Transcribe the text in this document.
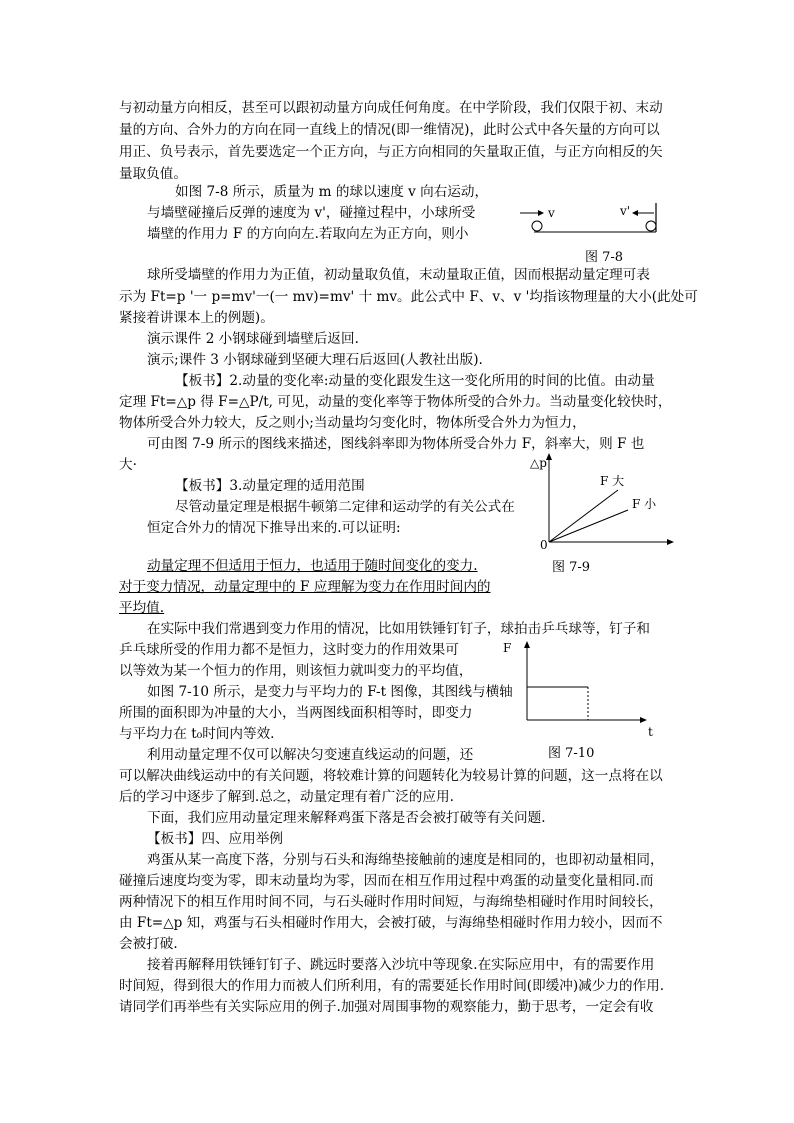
与初动量方向相反，甚至可以跟初动量方向成任何角度。在中学阶段，我们仅限于初、末动
量的方向、合外力的方向在同一直线上的情况(即一维情况)，此时公式中各矢量的方向可以
用正、负号表示，首先要选定一个正方向，与正方向相同的矢量取正值，与正方向相反的矢
量取负值。
如图 7-8 所示，质量为 m 的球以速度 v 向右运动，
与墙壁碰撞后反弹的速度为 v'，碰撞过程中，小球所受
墙壁的作用力 F 的方向向左.若取向左为正方向，则小
球所受墙壁的作用力为正值，初动量取负值，末动量取正值，因而根据动量定理可表
示为 Ft=p '一 p=mv'一(一 mv)=mv' 十 mv。此公式中 F、v、v '均指该物理量的大小(此处可
紧接着讲课本上的例题)。
演示课件 2 小钢球碰到墙壁后返回.
演示;课件 3 小钢球碰到坚硬大理石后返回(人教社出版).
【板书】2.动量的变化率:动量的变化跟发生这一变化所用的时间的比值。由动量
定理 Ft=△p 得 F=△P/t, 可见，动量的变化率等于物体所受的合外力。当动量变化较快时，
物体所受合外力较大，反之则小;当动量均匀变化时，物体所受合外力为恒力，
可由图 7-9 所示的图线来描述，图线斜率即为物体所受合外力 F，斜率大，则 F 也
大·
【板书】3.动量定理的适用范围
尽管动量定理是根据牛顿第二定律和运动学的有关公式在
恒定合外力的情况下推导出来的.可以证明:
动量定理不但适用于恒力，也适用于随时间变化的变力.
对于变力情况，动量定理中的 F 应理解为变力在作用时间内的
平均值.
在实际中我们常遇到变力作用的情况，比如用铁锤钉钉子，球拍击乒乓球等，钉子和
乒乓球所受的作用力都不是恒力，这时变力的作用效果可
以等效为某一个恒力的作用，则该恒力就叫变力的平均值，
如图 7-10 所示，是变力与平均力的 F-t 图像，其图线与横轴
所围的面积即为冲量的大小，当两图线面积相等时，即变力
与平均力在 t₀时间内等效.
利用动量定理不仅可以解决匀变速直线运动的问题，还
可以解决曲线运动中的有关问题，将较难计算的问题转化为较易计算的问题，这一点将在以
后的学习中逐步了解到.总之，动量定理有着广泛的应用.
下面，我们应用动量定理来解释鸡蛋下落是否会被打破等有关问题.
【板书】四、应用举例
鸡蛋从某一高度下落，分别与石头和海绵垫接触前的速度是相同的，也即初动量相同，
碰撞后速度均变为零，即末动量均为零，因而在相互作用过程中鸡蛋的动量变化量相同.而
两种情况下的相互作用时间不同，与石头碰时作用时间短，与海绵垫相碰时作用时间较长，
由 Ft=△p 知，鸡蛋与石头相碰时作用大，会被打破，与海绵垫相碰时作用力较小，因而不
会被打破.
接着再解释用铁锤钉钉子、跳远时要落入沙坑中等现象.在实际应用中，有的需要作用
时间短，得到很大的作用力而被人们所利用，有的需要延长作用时间(即缓冲)减少力的作用.
请同学们再举些有关实际应用的例子.加强对周围事物的观察能力，勤于思考，一定会有收
v	v'
图 7-8
△p
0
F 大
F 小
图 7-9
F
t
图 7-10
